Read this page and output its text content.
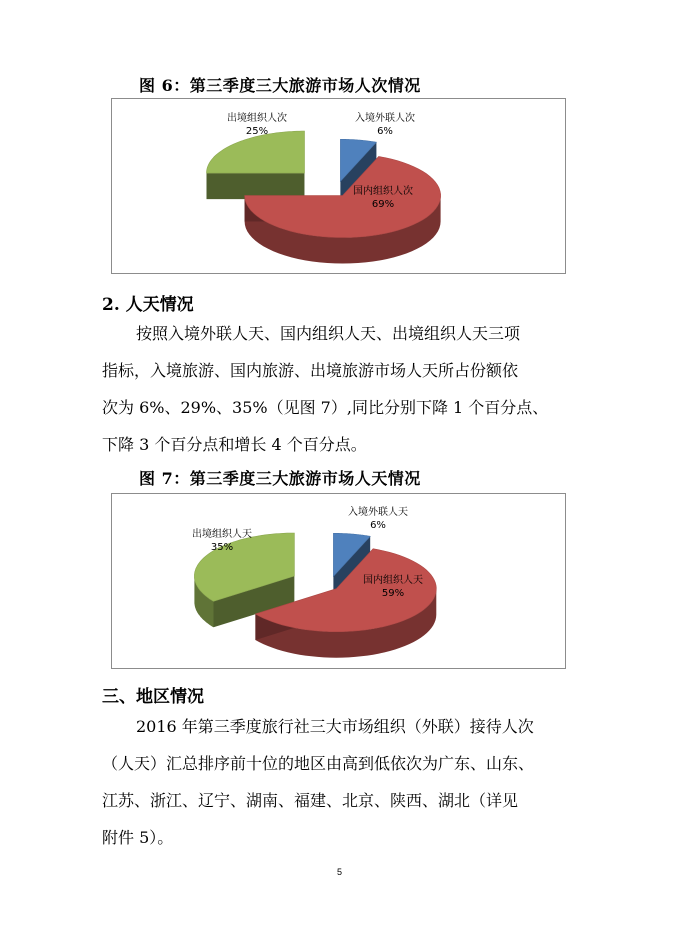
图 6：第三季度三大旅游市场人次情况
入境外联人次
6%
国内组织人次
69%
出境组织人次
25%
2. 人天情况
按照入境外联人天、国内组织人天、出境组织人天三项
指标，入境旅游、国内旅游、出境旅游市场人天所占份额依
次为 6%、29%、35%（见图 7）,同比分别下降 1 个百分点、
下降 3 个百分点和增长 4 个百分点。
图 7：第三季度三大旅游市场人天情况
入境外联人天
6%
国内组织人天
59%
出境组织人天
35%
三、地区情况
2016 年第三季度旅行社三大市场组织（外联）接待人次
（人天）汇总排序前十位的地区由高到低依次为广东、山东、
江苏、浙江、辽宁、湖南、福建、北京、陕西、湖北（详见
附件 5）。
5
